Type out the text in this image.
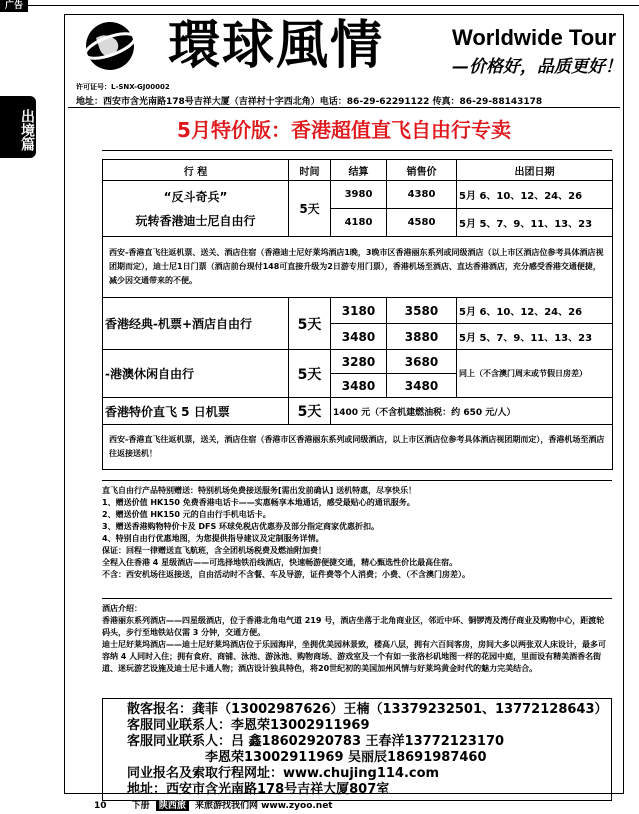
广告
出境篇
環球風情	Worldwide Tour
—价格好，品质更好！
许可证号：L-SNX-GJ00002
地址：西安市含光南路178号吉祥大厦（吉祥村十字西北角）电话：86-29-62291122 传真：86-29-88143178
5月特价版：香港超值直飞自由行专卖
行 程	时间	结算	销售价	出团日期

“反斗奇兵”
玩转香港迪士尼自由行	5天	3980	4380	5月 6、10、12、24、26
		4180	4580	5月 5、7、9、11、13、23
西安-香港直飞往返机票、送关、酒店住宿（香港迪士尼好莱坞酒店1晚，3晚市区香港丽东系列或同级酒店（以上市区酒店位参考具体酒店视团期而定），迪士尼1日门票（酒店前台现付148可直接升级为2日游专用门票），香港机场至酒店、直达香港酒店，充分感受香港交通便捷，减少因交通带来的不便。				
香港经典-机票+酒店自由行	5天	3180	3580	5月 6、10、12、24、26
		3480	3880	5月 5、7、9、11、13、23
-港澳休闲自由行	5天	3280	3680	同上（不含澳门周末或节假日房差）
		3480	3480	
香港特价直飞 5 日机票	5天	1400 元（不含机建燃油税：约 650 元/人）		
西安-香港直飞往返机票，送关，酒店住宿（香港市区香港丽东系列或同级酒店，以上市区酒店位参考具体酒店视团期而定），香港机场至酒店往返接送机！				
直飞自由行产品特别赠送：特别机场免费接送服务[需出发前确认] 送机特惠，尽享快乐！
1、赠送价值 HK150 免费香港电话卡——实惠畅享本地通话，感受最贴心的通讯服务。
2、赠送价值 HK150 元的自由行手机电话卡。
3、赠送香港购物特价卡及 DFS 环球免税店优惠券及部分指定商家优惠折扣。
4、特别自由行优惠地图，为您提供指导建议及定制服务详情。
保证：回程一律赠送直飞航班，含全团机场税费及燃油附加费！
全程入住香港 4 星级酒店——可选择地铁沿线酒店，快速畅游便捷交通，精心甄选性价比最高住宿。
不含：西安机场往返接送，自由活动时不含餐、车及导游，证件费等个人消费；小费、（不含澳门房差）。
酒店介绍：
香港丽东系列酒店——四星级酒店，位于香港北角电气道 219 号，酒店坐落于北角商业区，邻近中环、铜锣湾及湾仔商业及购物中心，距渡轮码头，步行至地铁站仅需 3 分钟，交通方便。
迪士尼好莱坞酒店——迪士尼好莱坞酒店位于乐园海岸，坐拥优美园林景致，楼高八层，拥有六百间客房，房间大多以两张双人床设计，最多可容纳 4 人同时入住；拥有食府、商铺、泳池、游泳池、购物商场、游戏室及一个有如一张洛杉矶地图一样的花园中庭，里面设有精美酒香名街道、迷玩游艺设施及迪士尼卡通人物；酒店设计独具特色，将20世纪初的美国加州风情与好莱坞黄金时代的魅力完美结合。
散客报名：龚菲（13002987626）王楠（13379232501、13772128643）
客服同业联系人：李恩荣13002911969
客服同业联系人：吕 鑫18602920783 王春洋13772123170
李恩荣13002911969 吴丽辰18691987460
同业报名及索取行程网址：www.chujing114.com
地址：西安市含光南路178号吉祥大厦807室
10	下册 陕西旅 来旅游找我们网 www.zyoo.net
